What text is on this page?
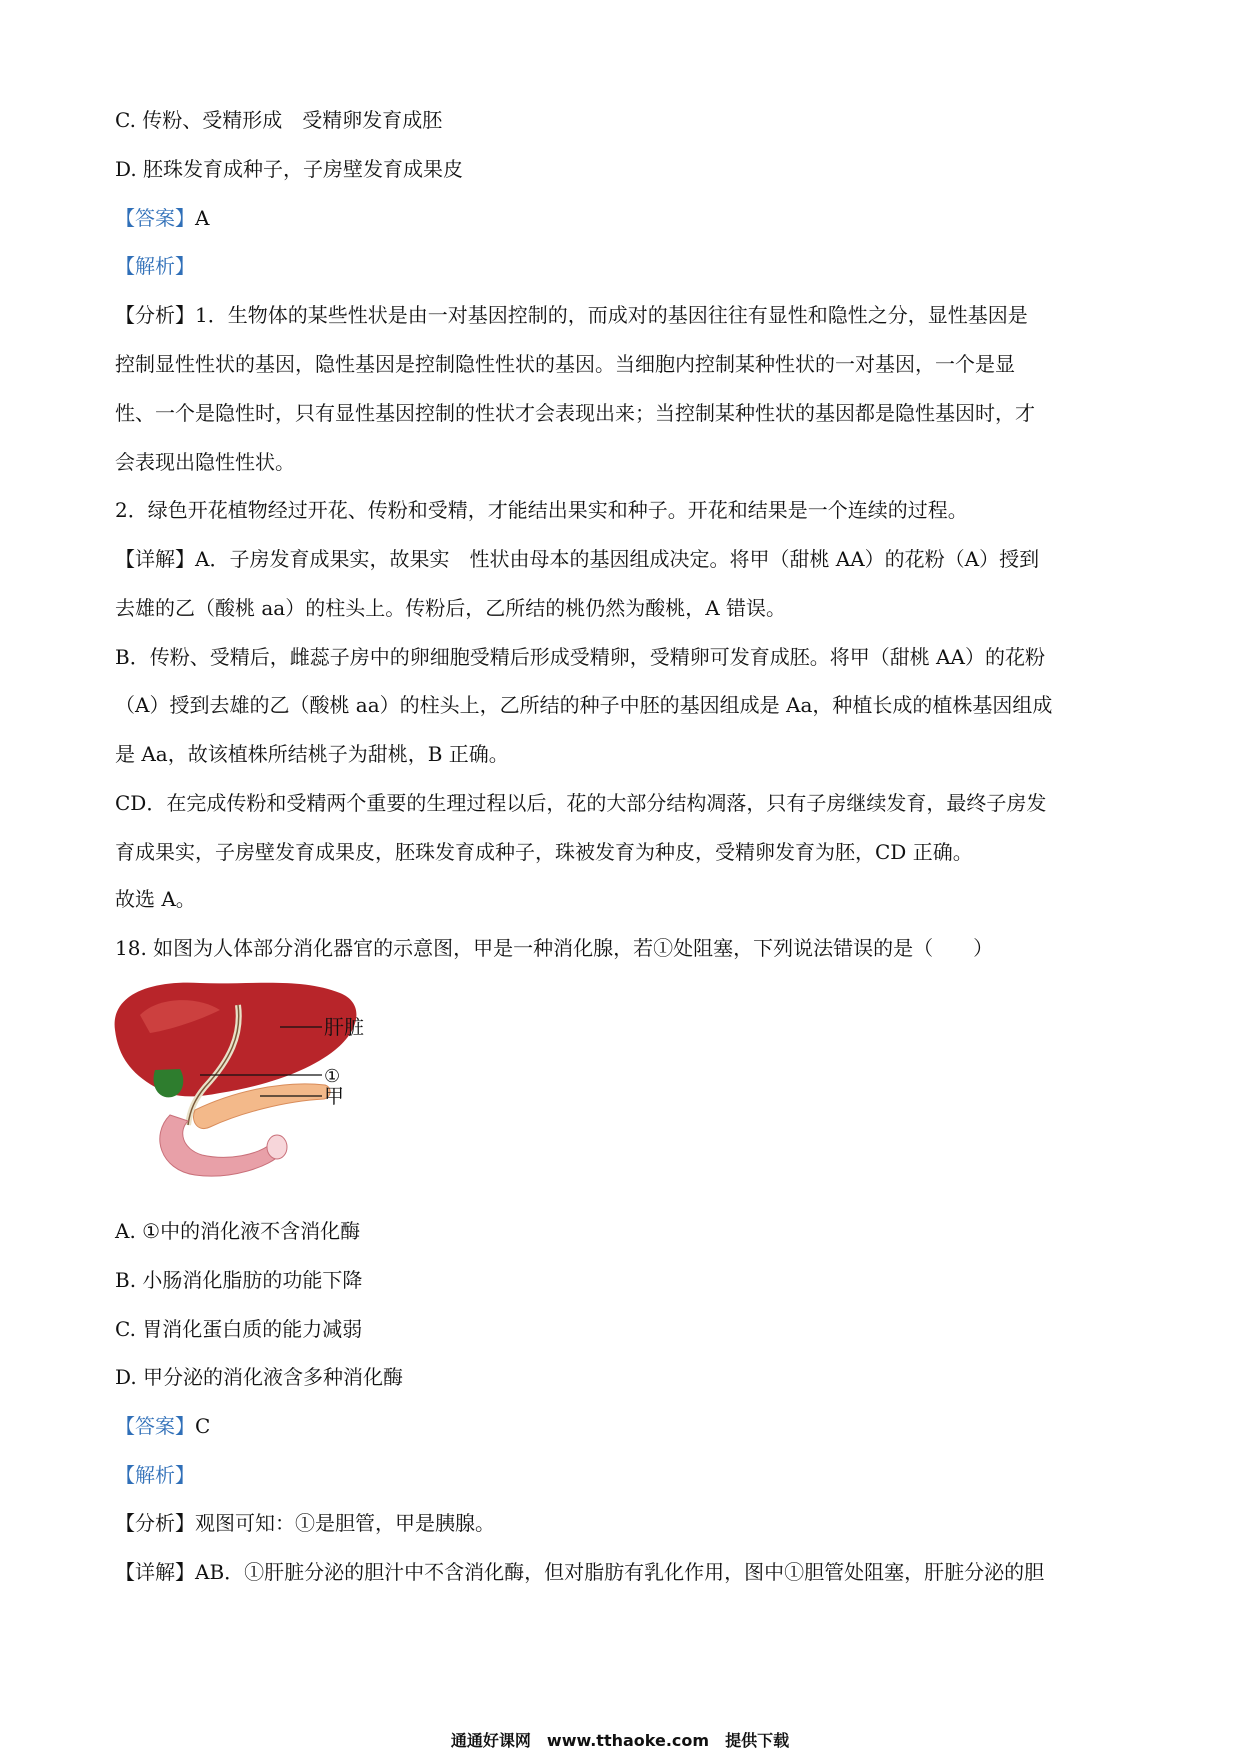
C. 传粉、受精形成　受精卵发育成胚
D. 胚珠发育成种子，子房壁发育成果皮
【答案】A
【解析】
【分析】1．生物体的某些性状是由一对基因控制的，而成对的基因往往有显性和隐性之分，显性基因是
控制显性性状的基因，隐性基因是控制隐性性状的基因。当细胞内控制某种性状的一对基因，一个是显
性、一个是隐性时，只有显性基因控制的性状才会表现出来；当控制某种性状的基因都是隐性基因时，才
会表现出隐性性状。
2．绿色开花植物经过开花、传粉和受精，才能结出果实和种子。开花和结果是一个连续的过程。
【详解】A．子房发育成果实，故果实　性状由母本的基因组成决定。将甲（甜桃 AA）的花粉（A）授到
去雄的乙（酸桃 aa）的柱头上。传粉后，乙所结的桃仍然为酸桃，A 错误。
B．传粉、受精后，雌蕊子房中的卵细胞受精后形成受精卵，受精卵可发育成胚。将甲（甜桃 AA）的花粉
（A）授到去雄的乙（酸桃 aa）的柱头上，乙所结的种子中胚的基因组成是 Aa，种植长成的植株基因组成
是 Aa，故该植株所结桃子为甜桃，B 正确。
CD．在完成传粉和受精两个重要的生理过程以后，花的大部分结构凋落，只有子房继续发育，最终子房发
育成果实，子房壁发育成果皮，胚珠发育成种子，珠被发育为种皮，受精卵发育为胚，CD 正确。
故选 A。
18. 如图为人体部分消化器官的示意图，甲是一种消化腺，若①处阻塞，下列说法错误的是（　　）
肝脏
①
甲
A. ①中的消化液不含消化酶
B. 小肠消化脂肪的功能下降
C. 胃消化蛋白质的能力减弱
D. 甲分泌的消化液含多种消化酶
【答案】C
【解析】
【分析】观图可知：①是胆管，甲是胰腺。
【详解】AB．①肝脏分泌的胆汁中不含消化酶，但对脂肪有乳化作用，图中①胆管处阻塞，肝脏分泌的胆
通通好课网　www.tthaoke.com　提供下载
